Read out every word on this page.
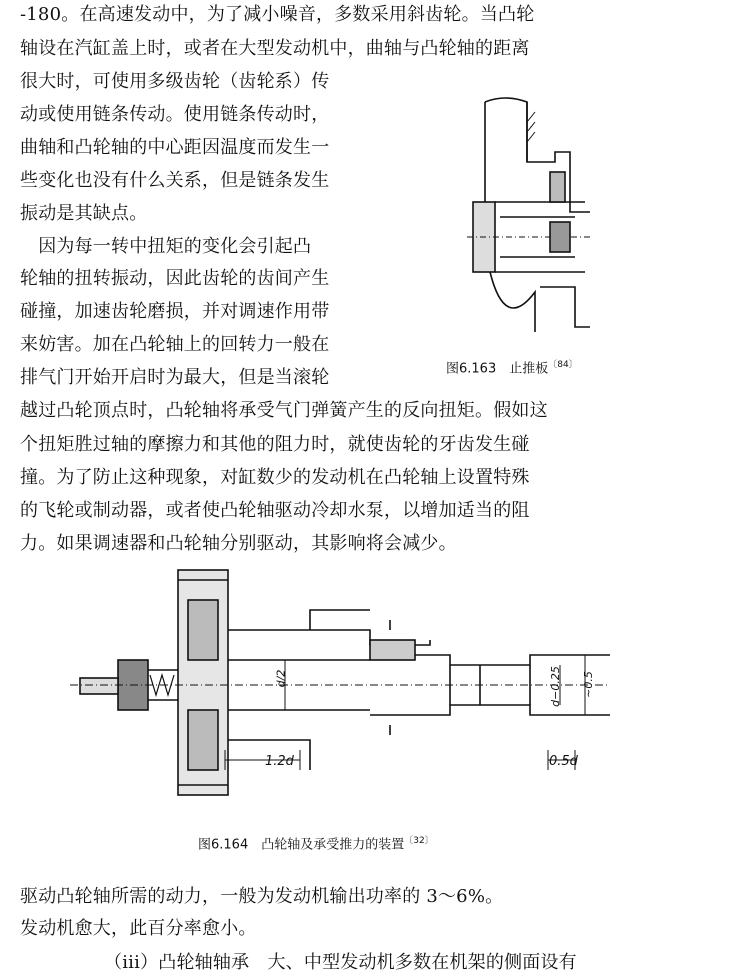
-180。在高速发动中，为了减小噪音，多数采用斜齿轮。当凸轮
轴设在汽缸盖上时，或者在大型发动机中，曲轴与凸轮轴的距离
很大时，可使用多级齿轮（齿轮系）传
动或使用链条传动。使用链条传动时，
曲轴和凸轮轴的中心距因温度而发生一
些变化也没有什么关系，但是链条发生
振动是其缺点。
　因为每一转中扭矩的变化会引起凸
轮轴的扭转振动，因此齿轮的齿间产生
碰撞，加速齿轮磨损，并对调速作用带
来妨害。加在凸轮轴上的回转力一般在
排气门开始开启时为最大，但是当滚轮
越过凸轮顶点时，凸轮轴将承受气门弹簧产生的反向扭矩。假如这
个扭矩胜过轴的摩擦力和其他的阻力时，就使齿轮的牙齿发生碰
撞。为了防止这种现象，对缸数少的发动机在凸轮轴上设置特殊
的飞轮或制动器，或者使凸轮轴驱动冷却水泵，以增加适当的阻
力。如果调速器和凸轮轴分别驱动，其影响将会减少。
图6.163　止推板$^{〔84〕}$
1.2d	0.5d
d/2	d−0.25 ∼0.5
图6.164　凸轮轴及承受推力的装置$^{〔32〕}$
驱动凸轮轴所需的动力，一般为发动机输出功率的 3～6%。
发动机愈大，此百分率愈小。
（iii）凸轮轴轴承　大、中型发动机多数在机架的侧面设有
